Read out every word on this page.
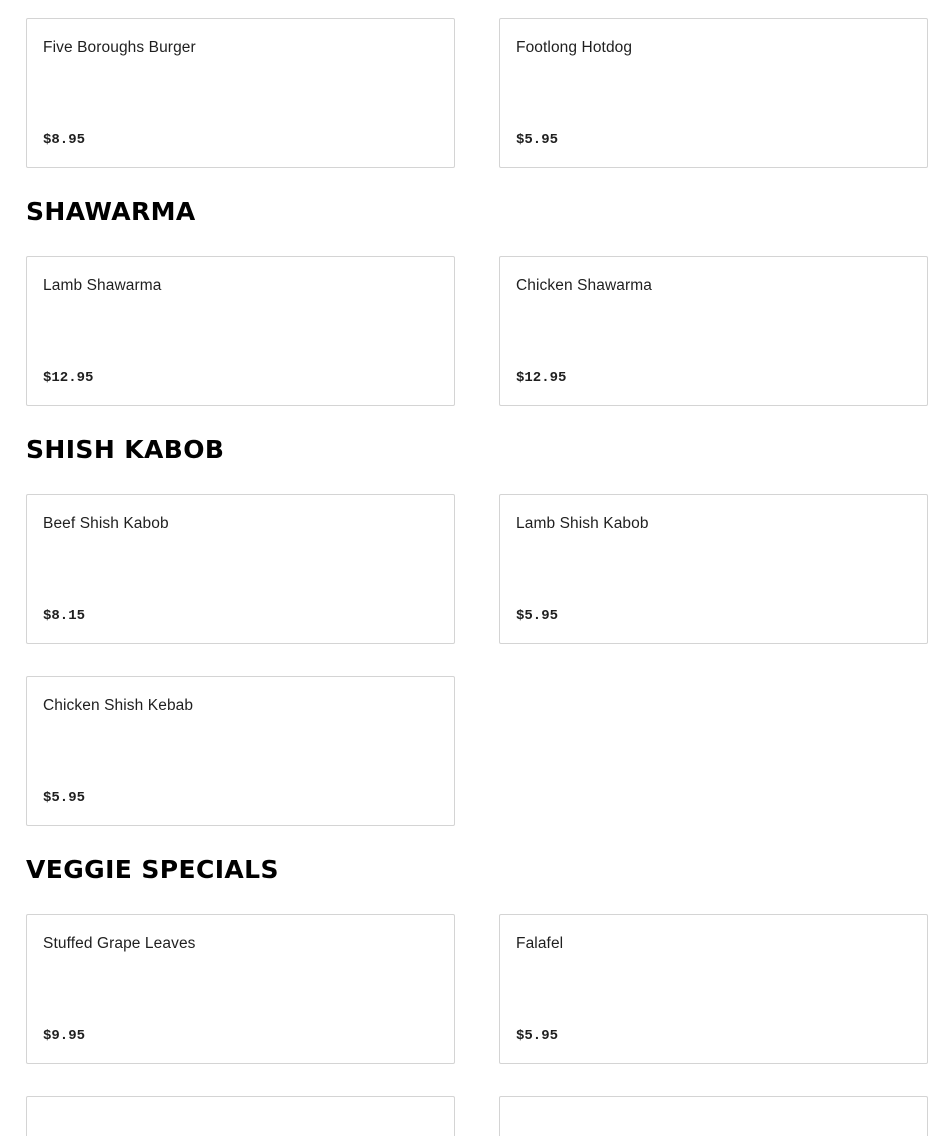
Five Boroughs Burger
$8.95
Footlong Hotdog
$5.95
SHAWARMA
Lamb Shawarma
$12.95
Chicken Shawarma
$12.95
SHISH KABOB
Beef Shish Kabob
$8.15
Lamb Shish Kabob
$5.95
Chicken Shish Kebab
$5.95
VEGGIE SPECIALS
Stuffed Grape Leaves
$9.95
Falafel
$5.95
